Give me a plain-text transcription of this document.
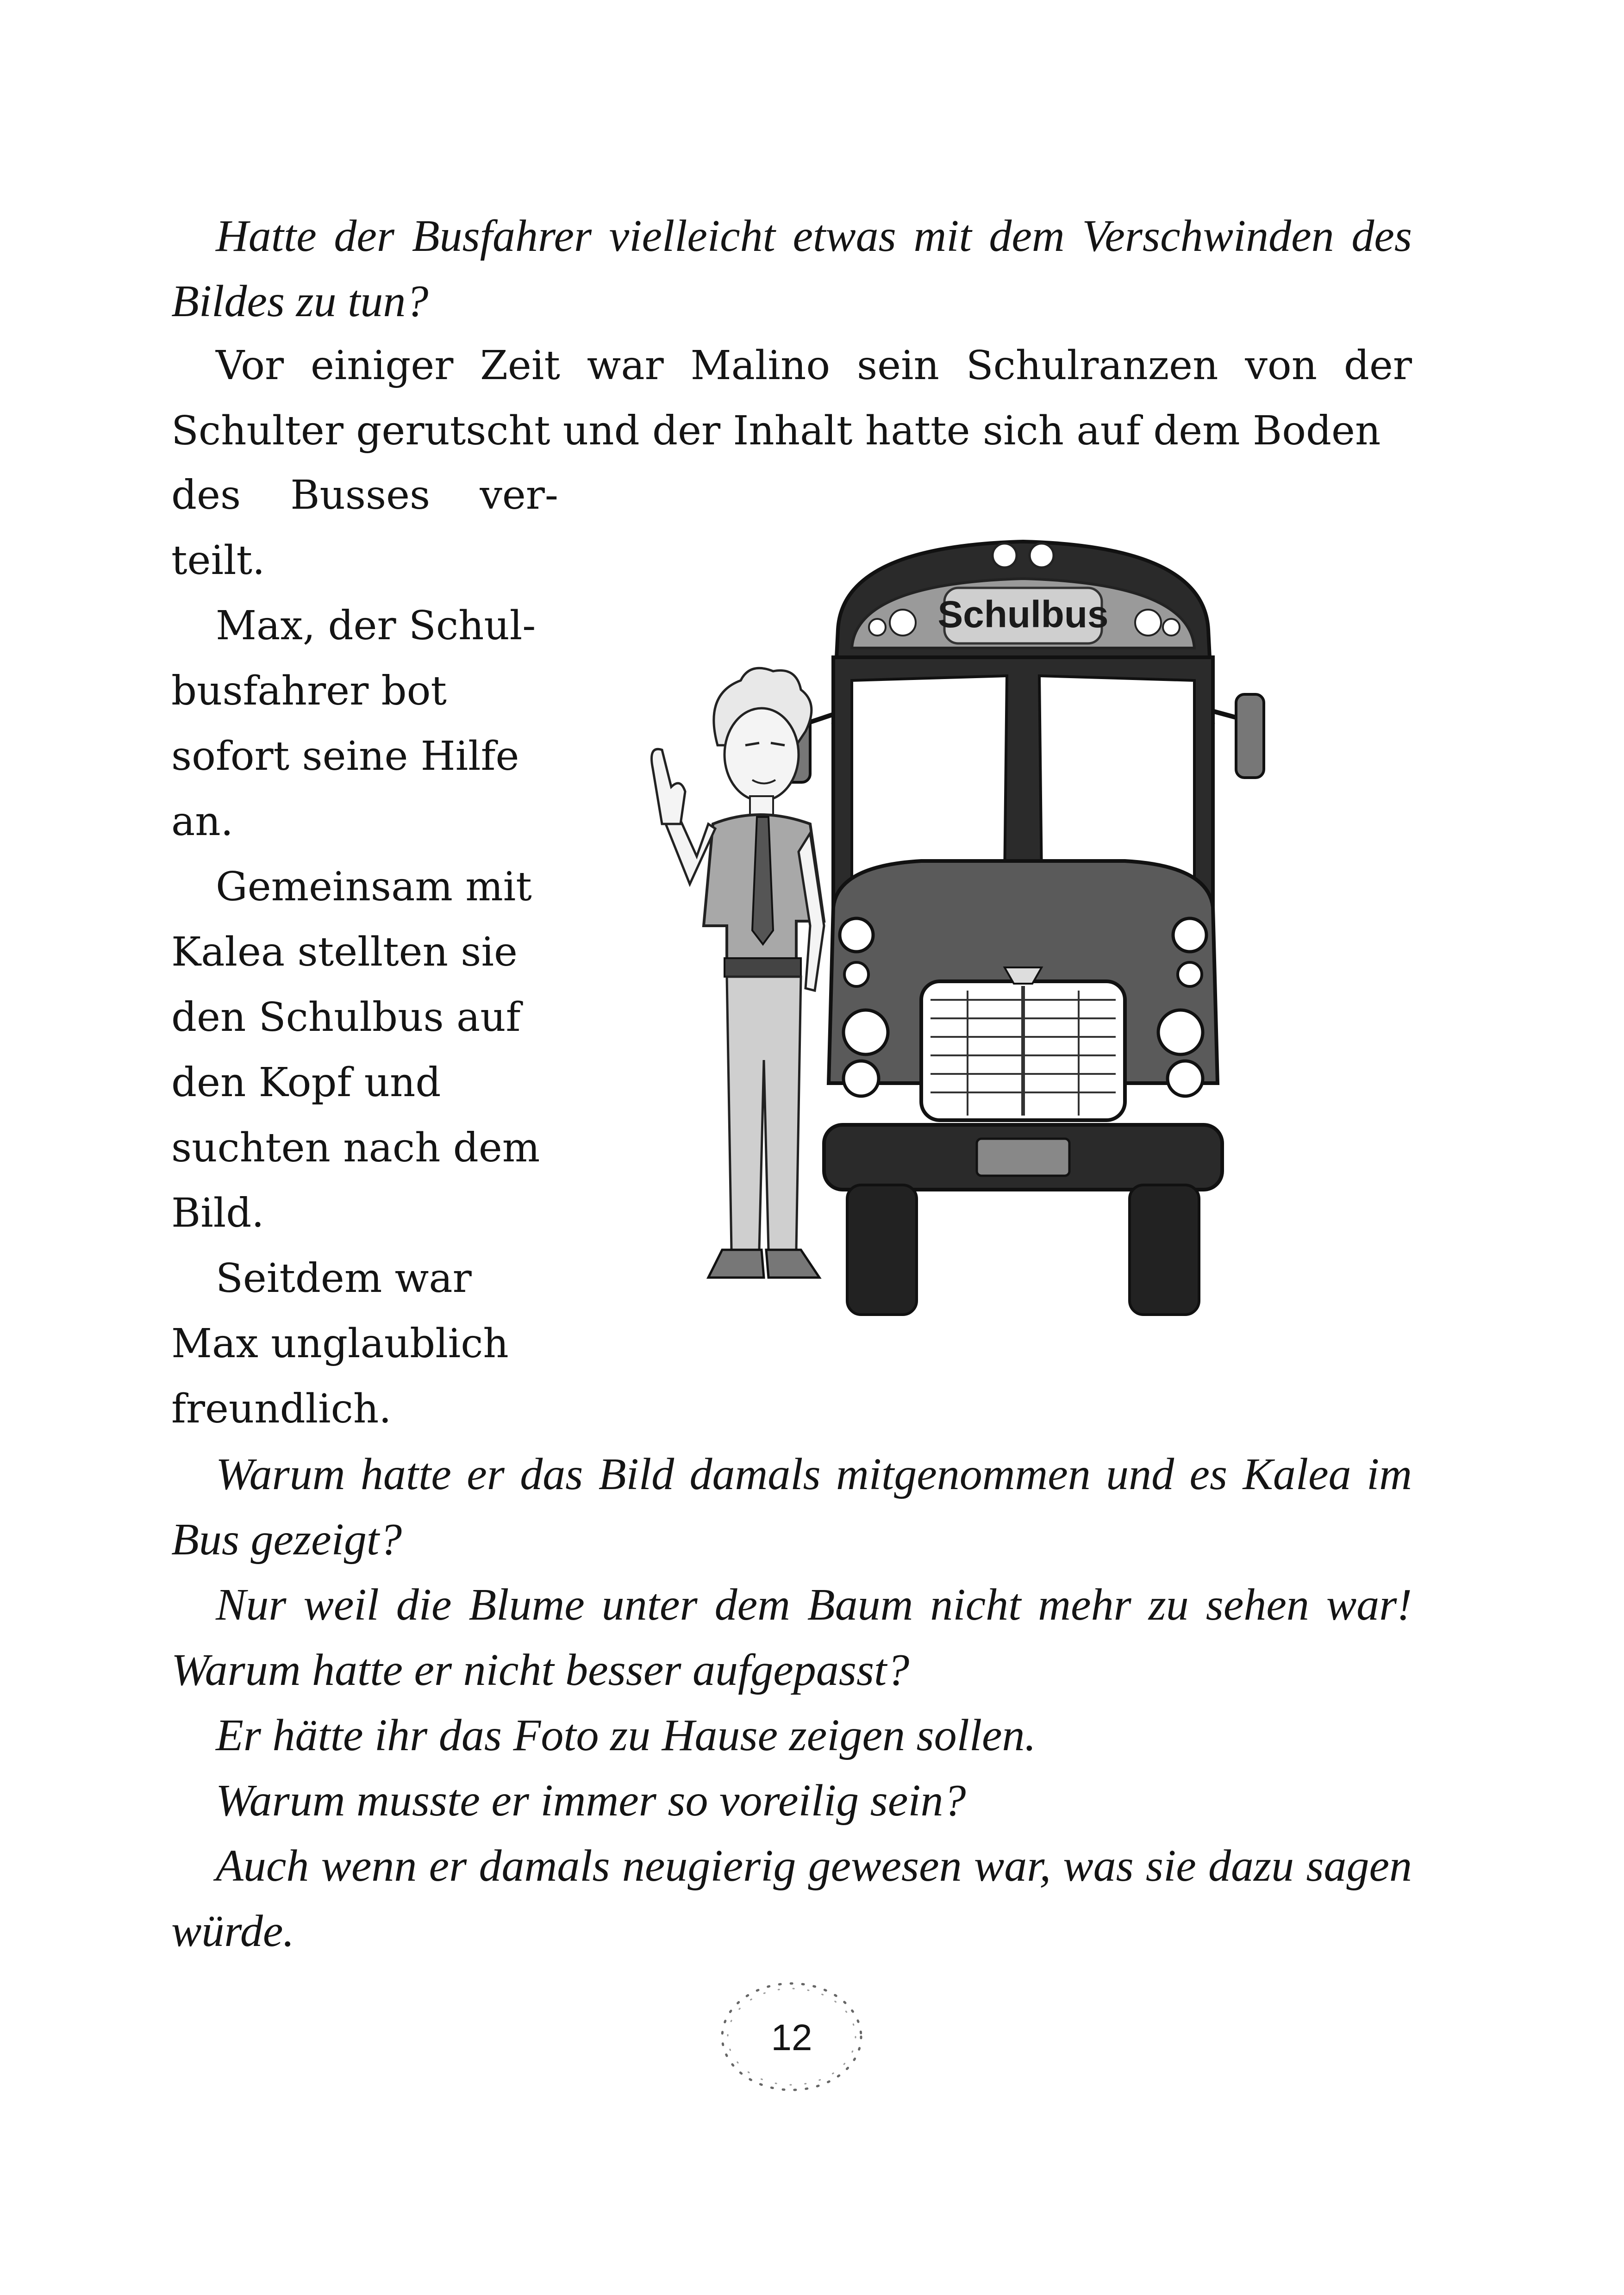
Hatte der Busfahrer vielleicht etwas mit dem Verschwinden des Bildes zu tun?

Vor einiger Zeit war Malino sein Schulranzen von der Schulter gerutscht und der Inhalt hatte sich auf dem Boden

des Busses ver-
teilt.
Max, der Schul-
busfahrer bot
sofort seine Hilfe
an.
Gemeinsam mit
Kalea stellten sie
den Schulbus auf
den Kopf und
suchten nach dem
Bild.
Seitdem war
Max unglaublich
freundlich.
Schulbus

Warum hatte er das Bild damals mitgenommen und es Kalea im Bus gezeigt?

Nur weil die Blume unter dem Baum nicht mehr zu sehen war! Warum hatte er nicht besser aufgepasst?

Er hätte ihr das Foto zu Hause zeigen sollen.

Warum musste er immer so voreilig sein?

Auch wenn er damals neugierig gewesen war, was sie dazu sagen würde.

12
